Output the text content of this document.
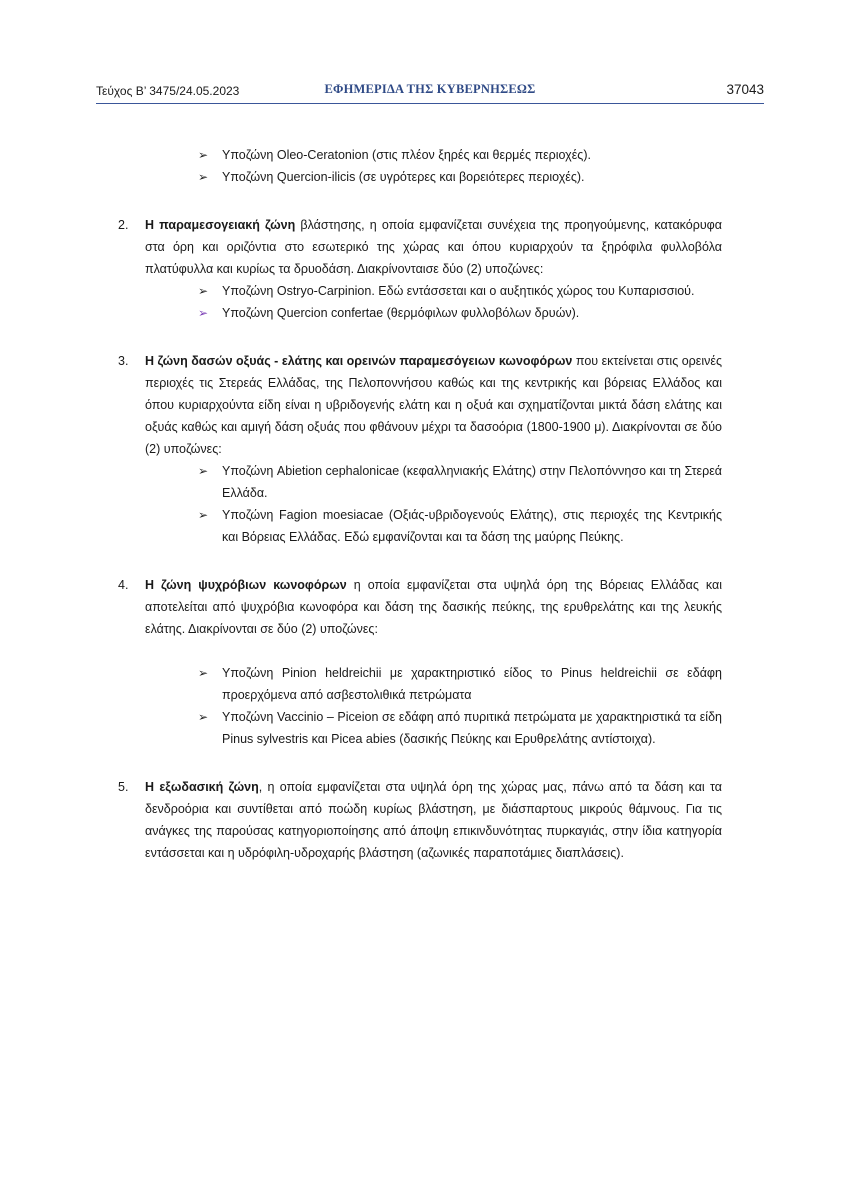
Τεύχος Β’ 3475/24.05.2023	ΕΦΗΜΕΡΙΔΑ ΤΗΣ ΚΥΒΕΡΝΗΣΕΩΣ	37043
➢ Υποζώνη Oleo-Ceratonion (στις πλέον ξηρές και θερμές περιοχές).
➢ Υποζώνη Quercion-ilicis (σε υγρότερες και βορειότερες περιοχές).
2. Η παραμεσογειακή ζώνη βλάστησης, η οποία εμφανίζεται συνέχεια της προηγούμενης, κατακόρυφα στα όρη και οριζόντια στο εσωτερικό της χώρας και όπου κυριαρχούν τα ξηρόφιλα φυλλοβόλα πλατύφυλλα και κυρίως τα δρυοδάση. Διακρίνονταισε δύο (2) υποζώνες:
➢ Υποζώνη Ostryo-Carpinion. Εδώ εντάσσεται και ο αυξητικός χώρος του Κυπαρισσιού.
➢ Υποζώνη Quercion confertae (θερμόφιλων φυλλοβόλων δρυών).
3. Η ζώνη δασών οξυάς - ελάτης και ορεινών παραμεσόγειων κωνοφόρων που εκτείνεται στις ορεινές περιοχές τις Στερεάς Ελλάδας, της Πελοποννήσου καθώς και της κεντρικής και βόρειας Ελλάδος και όπου κυριαρχούντα είδη είναι η υβριδογενής ελάτη και η οξυά και σχηματίζονται μικτά δάση ελάτης και οξυάς καθώς και αμιγή δάση οξυάς που φθάνουν μέχρι τα δασοόρια (1800-1900 μ). Διακρίνονται σε δύο (2) υποζώνες:
➢ Υποζώνη Abietion cephalonicae (κεφαλληνιακής Ελάτης) στην Πελοπόννησο και τη Στερεά Ελλάδα.
➢ Υποζώνη Fagion moesiacae (Οξιάς-υβριδογενούς Ελάτης), στις περιοχές της Κεντρικής και Βόρειας Ελλάδας. Εδώ εμφανίζονται και τα δάση της μαύρης Πεύκης.
4. Η ζώνη ψυχρόβιων κωνοφόρων η οποία εμφανίζεται στα υψηλά όρη της Βόρειας Ελλάδας και αποτελείται από ψυχρόβια κωνοφόρα και δάση της δασικής πεύκης, της ερυθρελάτης και της λευκής ελάτης. Διακρίνονται σε δύο (2) υποζώνες:
➢ Υποζώνη Pinion heldreichii με χαρακτηριστικό είδος το Pinus heldreichii σε εδάφη προερχόμενα από ασβεστολιθικά πετρώματα
➢ Υποζώνη Vaccinio – Piceion σε εδάφη από πυριτικά πετρώματα με χαρακτηριστικά τα είδη Pinus sylvestris και Picea abies (δασικής Πεύκης και Ερυθρελάτης αντίστοιχα).
5. Η εξωδασική ζώνη, η οποία εμφανίζεται στα υψηλά όρη της χώρας μας, πάνω από τα δάση και τα δενδροόρια και συντίθεται από ποώδη κυρίως βλάστηση, με διάσπαρτους μικρούς θάμνους. Για τις ανάγκες της παρούσας κατηγοριοποίησης από άποψη επικινδυνότητας πυρκαγιάς, στην ίδια κατηγορία εντάσσεται και η υδρόφιλη-υδροχαρής βλάστηση (αζωνικές παραποτάμιες διαπλάσεις).
